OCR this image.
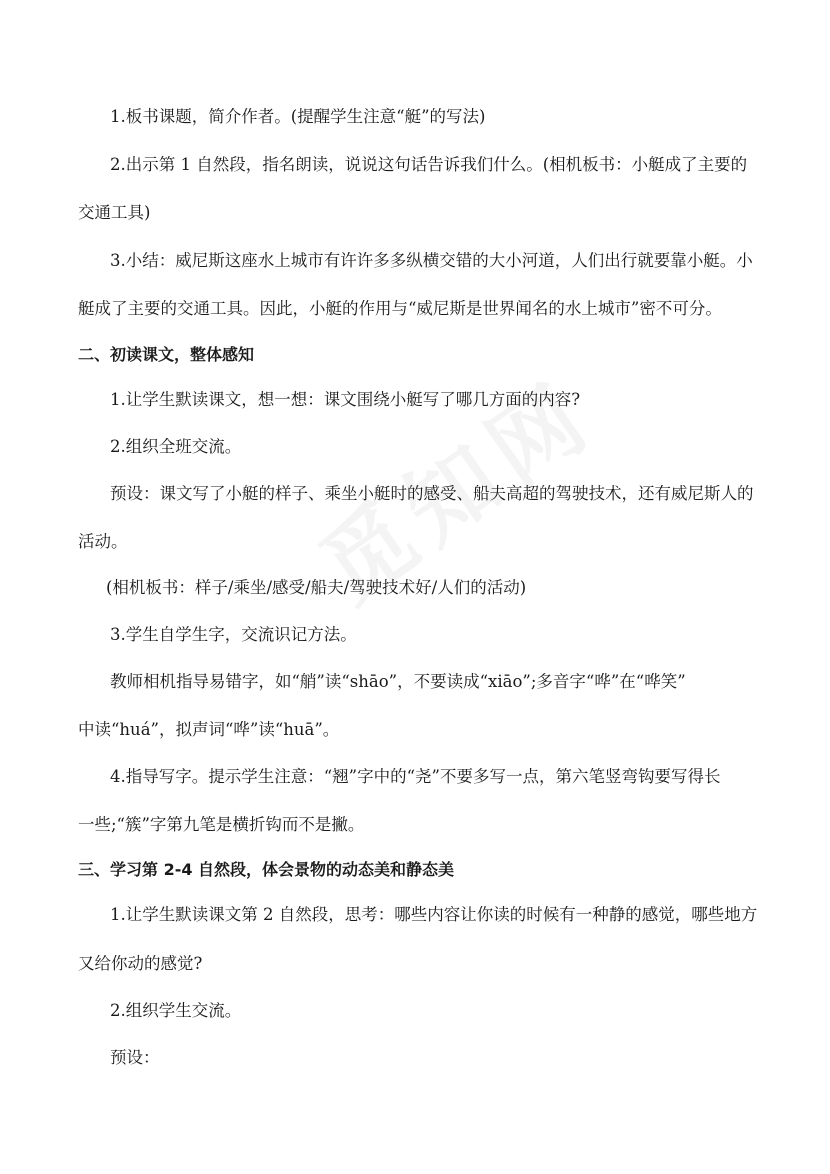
1.板书课题，简介作者。(提醒学生注意“艇”的写法)
2.出示第 1 自然段，指名朗读，说说这句话告诉我们什么。(相机板书：小艇成了主要的
交通工具)
3.小结：威尼斯这座水上城市有许许多多纵横交错的大小河道，人们出行就要靠小艇。小
艇成了主要的交通工具。因此，小艇的作用与“威尼斯是世界闻名的水上城市”密不可分。
二、初读课文，整体感知
1.让学生默读课文，想一想：课文围绕小艇写了哪几方面的内容?
2.组织全班交流。
预设：课文写了小艇的样子、乘坐小艇时的感受、船夫高超的驾驶技术，还有威尼斯人的
活动。
(相机板书：样子/乘坐/感受/船夫/驾驶技术好/人们的活动)
3.学生自学生字，交流识记方法。
教师相机指导易错字，如“艄”读“shāo”，不要读成“xiāo”;多音字“哗”在“哗笑”
中读“huá”，拟声词“哗”读“huā”。
4.指导写字。提示学生注意：“翘”字中的“尧”不要多写一点，第六笔竖弯钩要写得长
一些;“簇”字第九笔是横折钩而不是撇。
三、学习第 2-4 自然段，体会景物的动态美和静态美
1.让学生默读课文第 2 自然段，思考：哪些内容让你读的时候有一种静的感觉，哪些地方
又给你动的感觉?
2.组织学生交流。
预设：
